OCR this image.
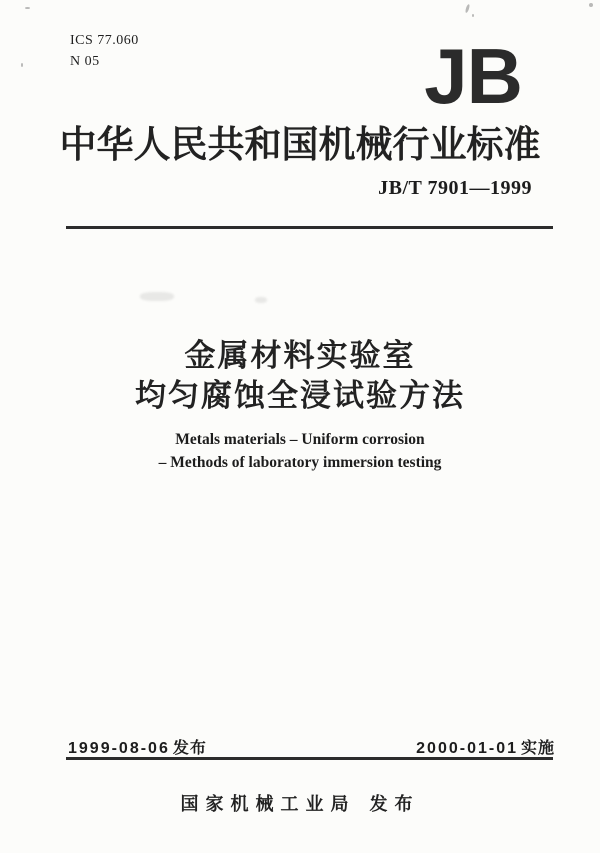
ICS 77.060
N 05	JB
中华人民共和国机械行业标准
JB/T 7901—1999
金属材料实验室
均匀腐蚀全浸试验方法
Metals materials – Uniform corrosion
– Methods of laboratory immersion testing
1999-08-06 发布	2000-01-01 实施
国家机械工业局 发布
